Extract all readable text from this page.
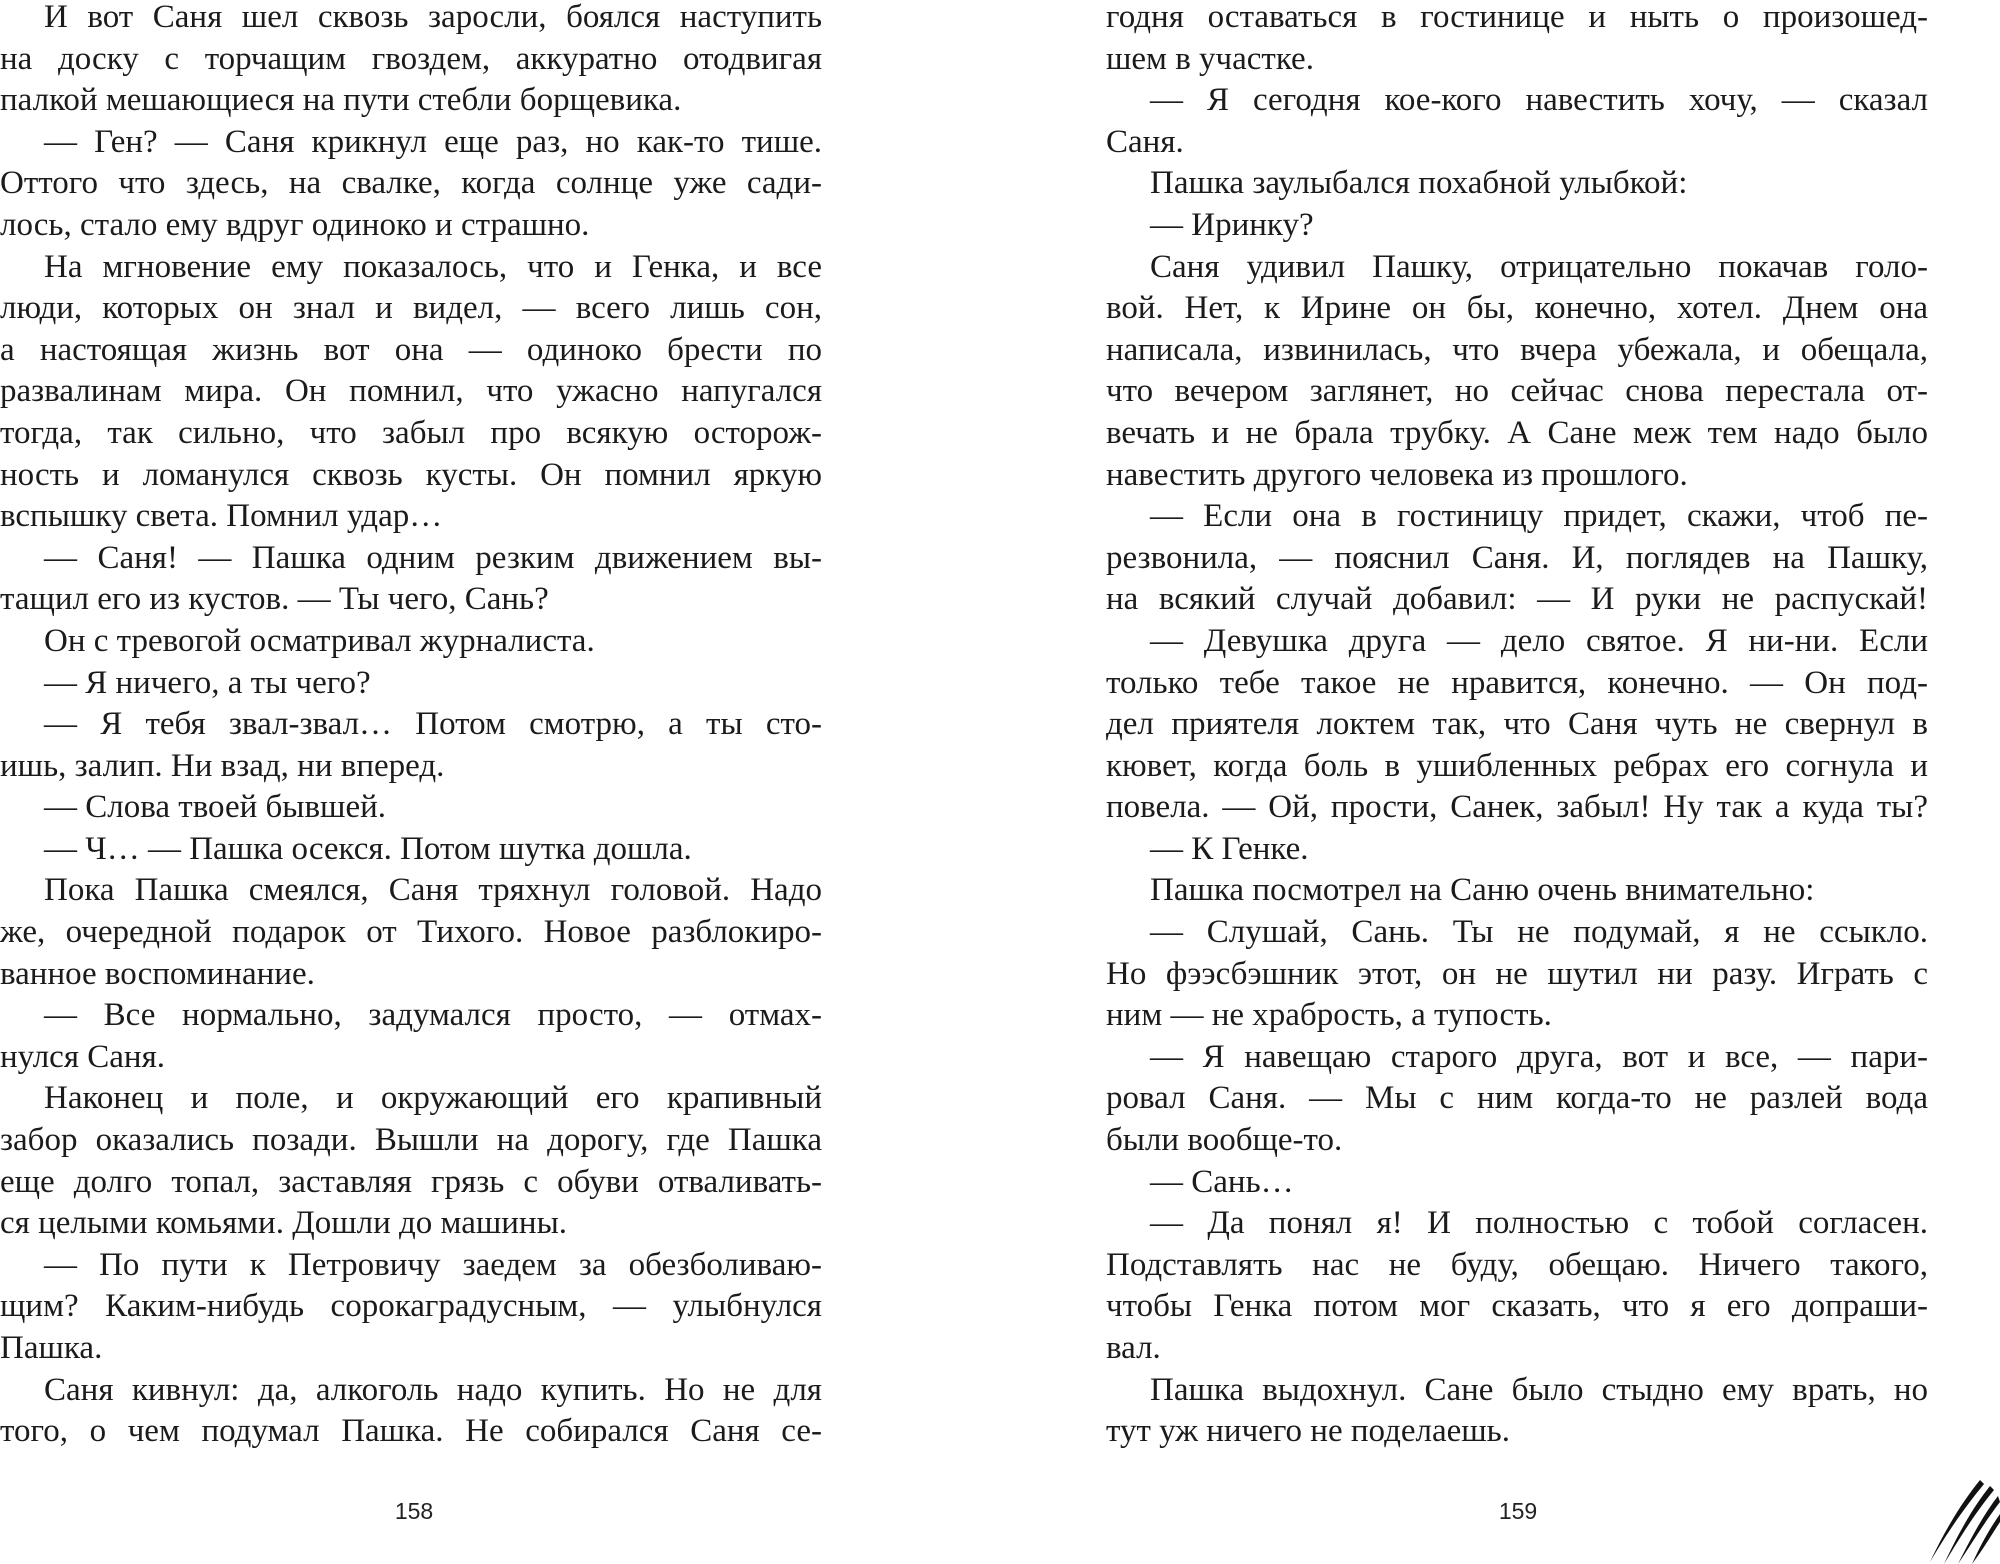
И вот Саня шел сквозь заросли, боялся наступить
на доску с торчащим гвоздем, аккуратно отодвигая
палкой мешающиеся на пути стебли борщевика.
— Ген? — Саня крикнул еще раз, но как-то тише.
Оттого что здесь, на свалке, когда солнце уже сади-
лось, стало ему вдруг одиноко и страшно.
На мгновение ему показалось, что и Генка, и все
люди, которых он знал и видел, — всего лишь сон,
а настоящая жизнь вот она — одиноко брести по
развалинам мира. Он помнил, что ужасно напугался
тогда, так сильно, что забыл про всякую осторож-
ность и ломанулся сквозь кусты. Он помнил яркую
вспышку света. Помнил удар…
— Саня! — Пашка одним резким движением вы-
тащил его из кустов. — Ты чего, Сань?
Он с тревогой осматривал журналиста.
— Я ничего, а ты чего?
— Я тебя звал-звал… Потом смотрю, а ты сто-
ишь, залип. Ни взад, ни вперед.
— Слова твоей бывшей.
— Ч… — Пашка осекся. Потом шутка дошла.
Пока Пашка смеялся, Саня тряхнул головой. Надо
же, очередной подарок от Тихого. Новое разблокиро-
ванное воспоминание.
— Все нормально, задумался просто, — отмах-
нулся Саня.
Наконец и поле, и окружающий его крапивный
забор оказались позади. Вышли на дорогу, где Пашка
еще долго топал, заставляя грязь с обуви отваливать-
ся целыми комьями. Дошли до машины.
— По пути к Петровичу заедем за обезболиваю-
щим? Каким-нибудь сорокаградусным, — улыбнулся
Пашка.
Саня кивнул: да, алкоголь надо купить. Но не для
того, о чем подумал Пашка. Не собирался Саня се-
158
годня оставаться в гостинице и ныть о произошед-
шем в участке.
— Я сегодня кое-кого навестить хочу, — сказал
Саня.
Пашка заулыбался похабной улыбкой:
— Иринку?
Саня удивил Пашку, отрицательно покачав голо-
вой. Нет, к Ирине он бы, конечно, хотел. Днем она
написала, извинилась, что вчера убежала, и обещала,
что вечером заглянет, но сейчас снова перестала от-
вечать и не брала трубку. А Сане меж тем надо было
навестить другого человека из прошлого.
— Если она в гостиницу придет, скажи, чтоб пе-
резвонила, — пояснил Саня. И, поглядев на Пашку,
на всякий случай добавил: — И руки не распускай!
— Девушка друга — дело святое. Я ни-ни. Если
только тебе такое не нравится, конечно. — Он под-
дел приятеля локтем так, что Саня чуть не свернул в
кювет, когда боль в ушибленных ребрах его согнула и
повела. — Ой, прости, Санек, забыл! Ну так а куда ты?
— К Генке.
Пашка посмотрел на Саню очень внимательно:
— Слушай, Сань. Ты не подумай, я не ссыкло.
Но фээсбэшник этот, он не шутил ни разу. Играть с
ним — не храбрость, а тупость.
— Я навещаю старого друга, вот и все, — пари-
ровал Саня. — Мы с ним когда-то не разлей вода
были вообще-то.
— Сань…
— Да понял я! И полностью с тобой согласен.
Подставлять нас не буду, обещаю. Ничего такого,
чтобы Генка потом мог сказать, что я его допраши-
вал.
Пашка выдохнул. Сане было стыдно ему врать, но
тут уж ничего не поделаешь.
159
